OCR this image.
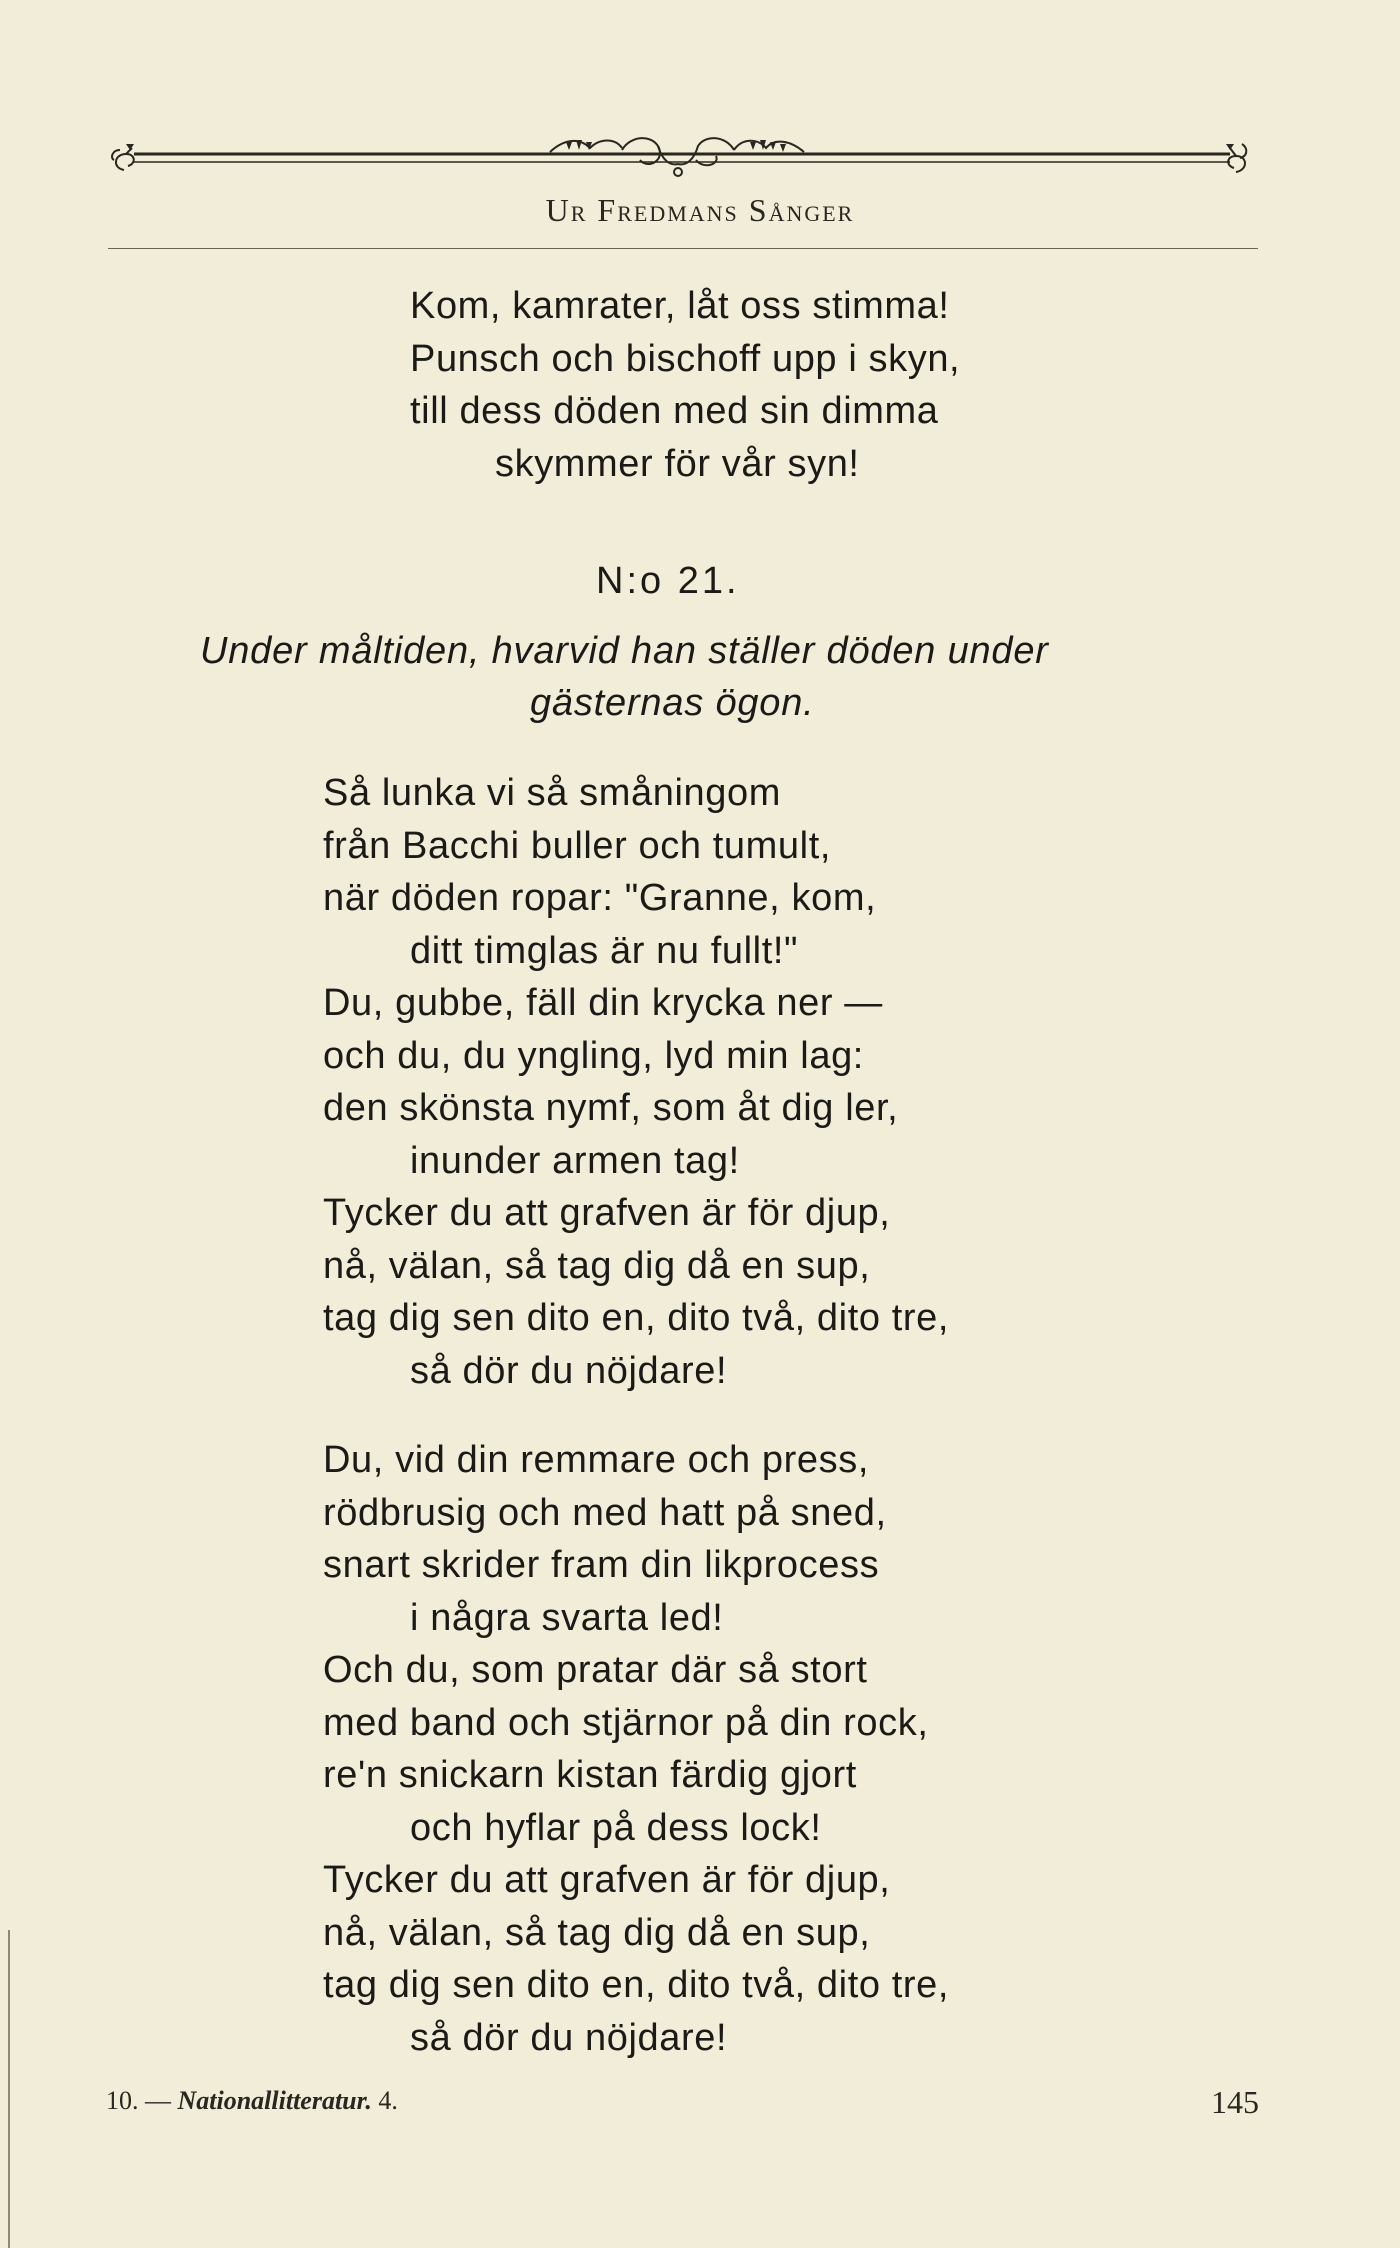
Ur Fredmans Sånger
Kom, kamrater, låt oss stimma!
Punsch och bischoff upp i skyn,
till dess döden med sin dimma
skymmer för vår syn!
N:o 21.
Under måltiden, hvarvid han ställer döden under
gästernas ögon.
Så lunka vi så småningom
från Bacchi buller och tumult,
när döden ropar: "Granne, kom,
ditt timglas är nu fullt!"
Du, gubbe, fäll din krycka ner —
och du, du yngling, lyd min lag:
den skönsta nymf, som åt dig ler,
inunder armen tag!
Tycker du att grafven är för djup,
nå, välan, så tag dig då en sup,
tag dig sen dito en, dito två, dito tre,
så dör du nöjdare!
Du, vid din remmare och press,
rödbrusig och med hatt på sned,
snart skrider fram din likprocess
i några svarta led!
Och du, som pratar där så stort
med band och stjärnor på din rock,
re'n snickarn kistan färdig gjort
och hyflar på dess lock!
Tycker du att grafven är för djup,
nå, välan, så tag dig då en sup,
tag dig sen dito en, dito två, dito tre,
så dör du nöjdare!
10. — Nationallitteratur. 4.	145
